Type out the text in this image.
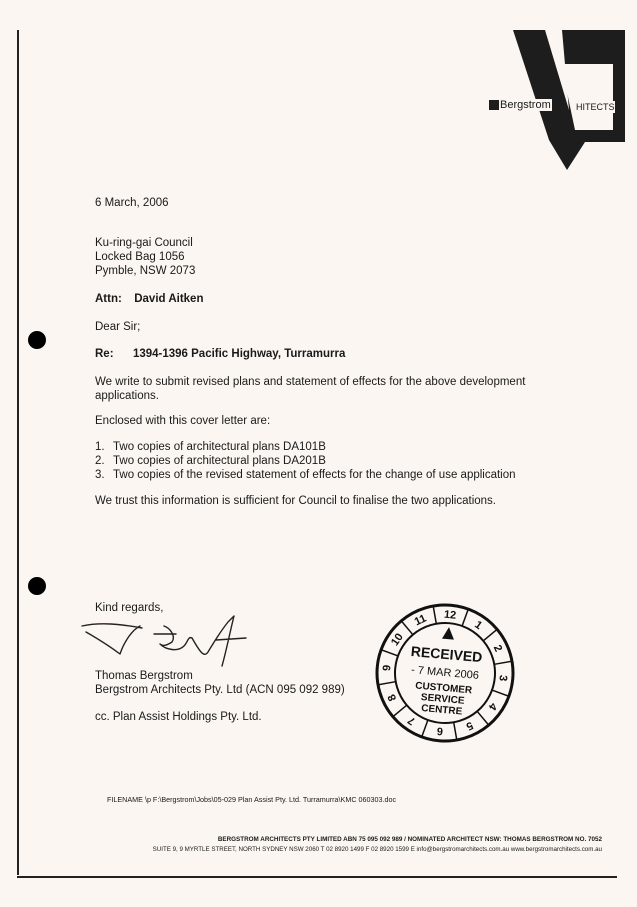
Bergstrom	HITECTS
6 March, 2006
Ku-ring-gai Council
Locked Bag 1056
Pymble, NSW 2073
Attn: David Aitken
Dear Sir;
Re: 1394-1396 Pacific Highway, Turramurra
We write to submit revised plans and statement of effects for the above development
applications.
Enclosed with this cover letter are:
1. Two copies of architectural plans DA101B
2. Two copies of architectural plans DA201B
3. Two copies of the revised statement of effects for the change of use application
We trust this information is sufficient for Council to finalise the two applications.
Kind regards,
Thomas Bergstrom
Bergstrom Architects Pty. Ltd (ACN 095 092 989)
cc. Plan Assist Holdings Pty. Ltd.
12
1
2
3
4
5
6
7
8
9
10
11
RECEIVED
- 7 MAR 2006
CUSTOMER
SERVICE
CENTRE
FILENAME \p F:\Bergstrom\Jobs\05-029 Plan Assist Pty. Ltd. Turramurra\KMC 060303.doc
BERGSTROM ARCHITECTS PTY LIMITED ABN 75 095 092 989 / NOMINATED ARCHITECT NSW: THOMAS BERGSTROM NO. 7052
SUITE 9, 9 MYRTLE STREET, NORTH SYDNEY NSW 2060 T 02 8920 1499 F 02 8920 1599 E info@bergstromarchitects.com.au www.bergstromarchitects.com.au
